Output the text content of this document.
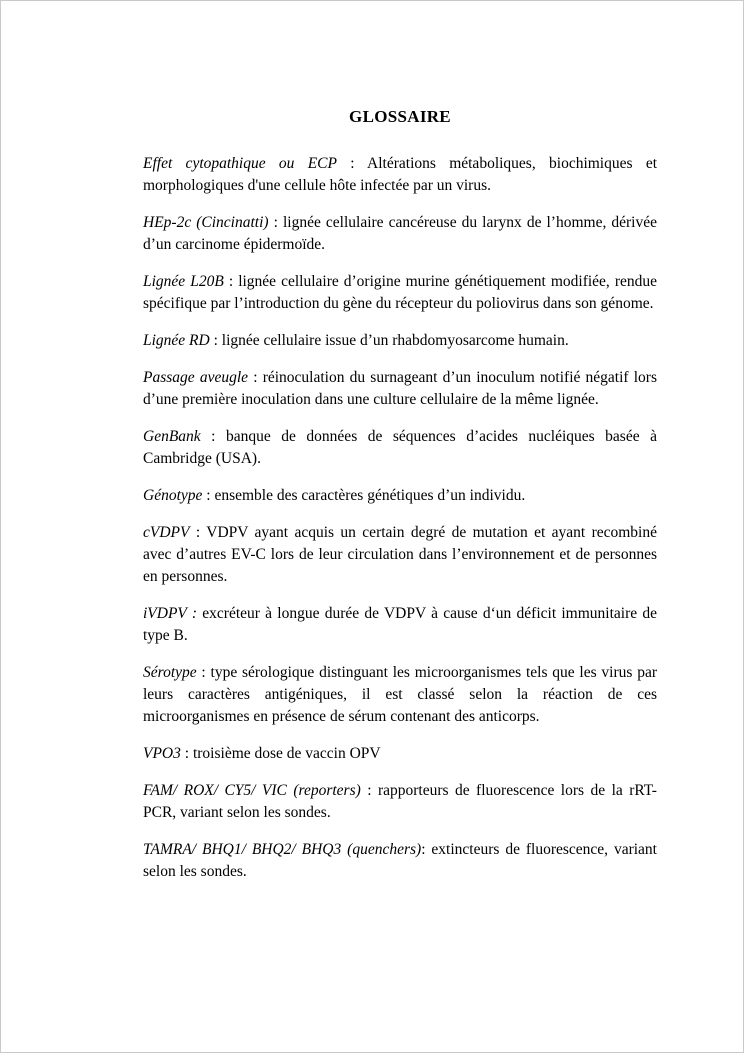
GLOSSAIRE

Effet cytopathique ou ECP : Altérations métaboliques, biochimiques et morphologiques d'une cellule hôte infectée par un virus.

HEp-2c (Cincinatti) : lignée cellulaire cancéreuse du larynx de l’homme, dérivée d’un carcinome épidermoïde.

Lignée L20B : lignée cellulaire d’origine murine génétiquement modifiée, rendue spécifique par l’introduction du gène du récepteur du poliovirus dans son génome.

Lignée RD : lignée cellulaire issue d’un rhabdomyosarcome humain.

Passage aveugle : réinoculation du surnageant d’un inoculum notifié négatif lors d’une première inoculation dans une culture cellulaire de la même lignée.

GenBank : banque de données de séquences d’acides nucléiques basée à Cambridge (USA).

Génotype : ensemble des caractères génétiques d’un individu.

cVDPV : VDPV ayant acquis un certain degré de mutation et ayant recombiné avec d’autres EV-C lors de leur circulation dans l’environnement et de personnes en personnes.

iVDPV : excréteur à longue durée de VDPV à cause d‘un déficit immunitaire de type B.

Sérotype : type sérologique distinguant les microorganismes tels que les virus par leurs caractères antigéniques, il est classé selon la réaction de ces microorganismes en présence de sérum contenant des anticorps.

VPO3 : troisième dose de vaccin OPV

FAM/ ROX/ CY5/ VIC (reporters) : rapporteurs de fluorescence lors de la rRT-PCR, variant selon les sondes.

TAMRA/ BHQ1/ BHQ2/ BHQ3 (quenchers): extincteurs de fluorescence, variant selon les sondes.
